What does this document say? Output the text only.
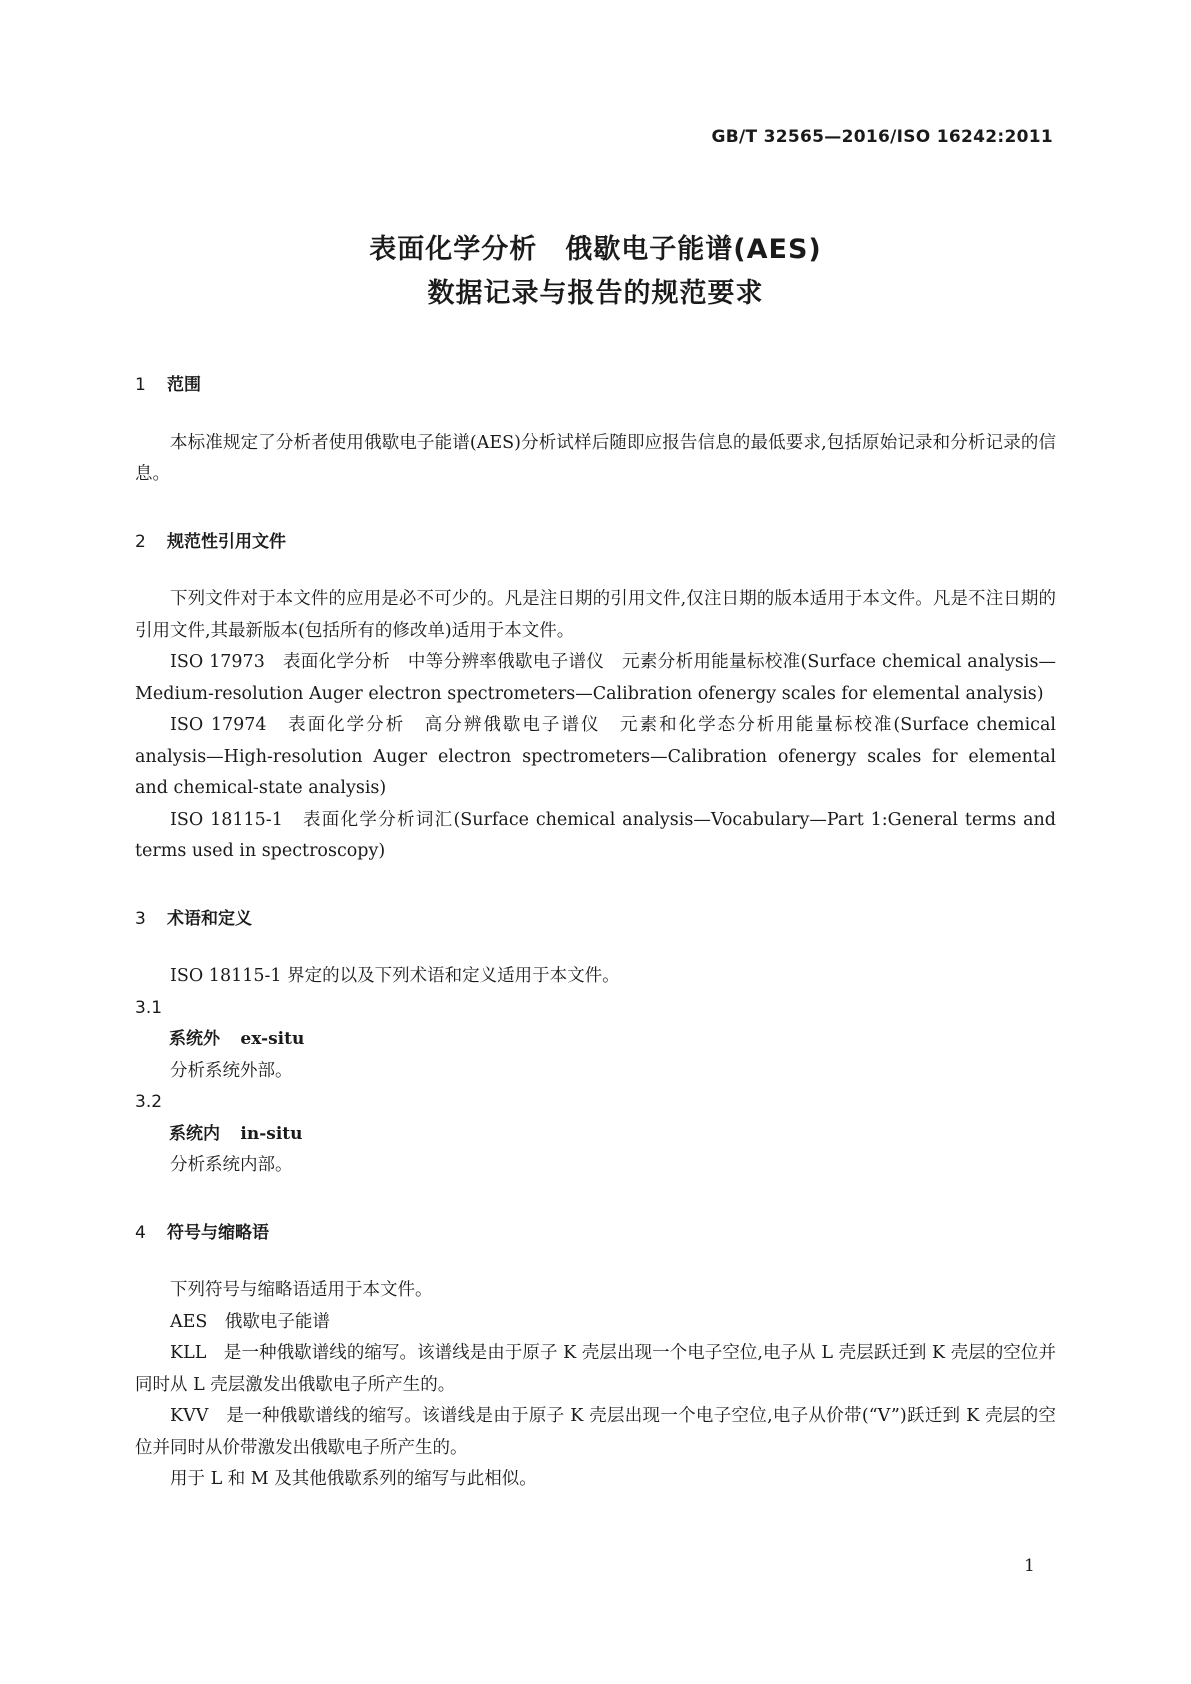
GB/T 32565—2016/ISO 16242:2011
表面化学分析　俄歇电子能谱(AES)
数据记录与报告的规范要求

1 范围

本标准规定了分析者使用俄歇电子能谱(AES)分析试样后随即应报告信息的最低要求,包括原始记录和分析记录的信息。

2 规范性引用文件

下列文件对于本文件的应用是必不可少的。凡是注日期的引用文件,仅注日期的版本适用于本文件。凡是不注日期的引用文件,其最新版本(包括所有的修改单)适用于本文件。

ISO 17973　表面化学分析　中等分辨率俄歇电子谱仪　元素分析用能量标校准(Surface chemical analysis—Medium-resolution Auger electron spectrometers—Calibration ofenergy scales for elemental analysis)

ISO 17974　表面化学分析　高分辨俄歇电子谱仪　元素和化学态分析用能量标校准(Surface chemical analysis—High-resolution Auger electron spectrometers—Calibration ofenergy scales for elemental and chemical-state analysis)

ISO 18115-1　表面化学分析词汇(Surface chemical analysis—Vocabulary—Part 1:General terms and terms used in spectroscopy)

3 术语和定义

ISO 18115-1 界定的以及下列术语和定义适用于本文件。

3.1

系统外 ex-situ

分析系统外部。

3.2

系统内 in-situ

分析系统内部。

4 符号与缩略语

下列符号与缩略语适用于本文件。

AES　俄歇电子能谱

KLL　是一种俄歇谱线的缩写。该谱线是由于原子 K 壳层出现一个电子空位,电子从 L 壳层跃迁到 K 壳层的空位并同时从 L 壳层激发出俄歇电子所产生的。

KVV　是一种俄歇谱线的缩写。该谱线是由于原子 K 壳层出现一个电子空位,电子从价带(“V”)跃迁到 K 壳层的空位并同时从价带激发出俄歇电子所产生的。

用于 L 和 M 及其他俄歇系列的缩写与此相似。

1
